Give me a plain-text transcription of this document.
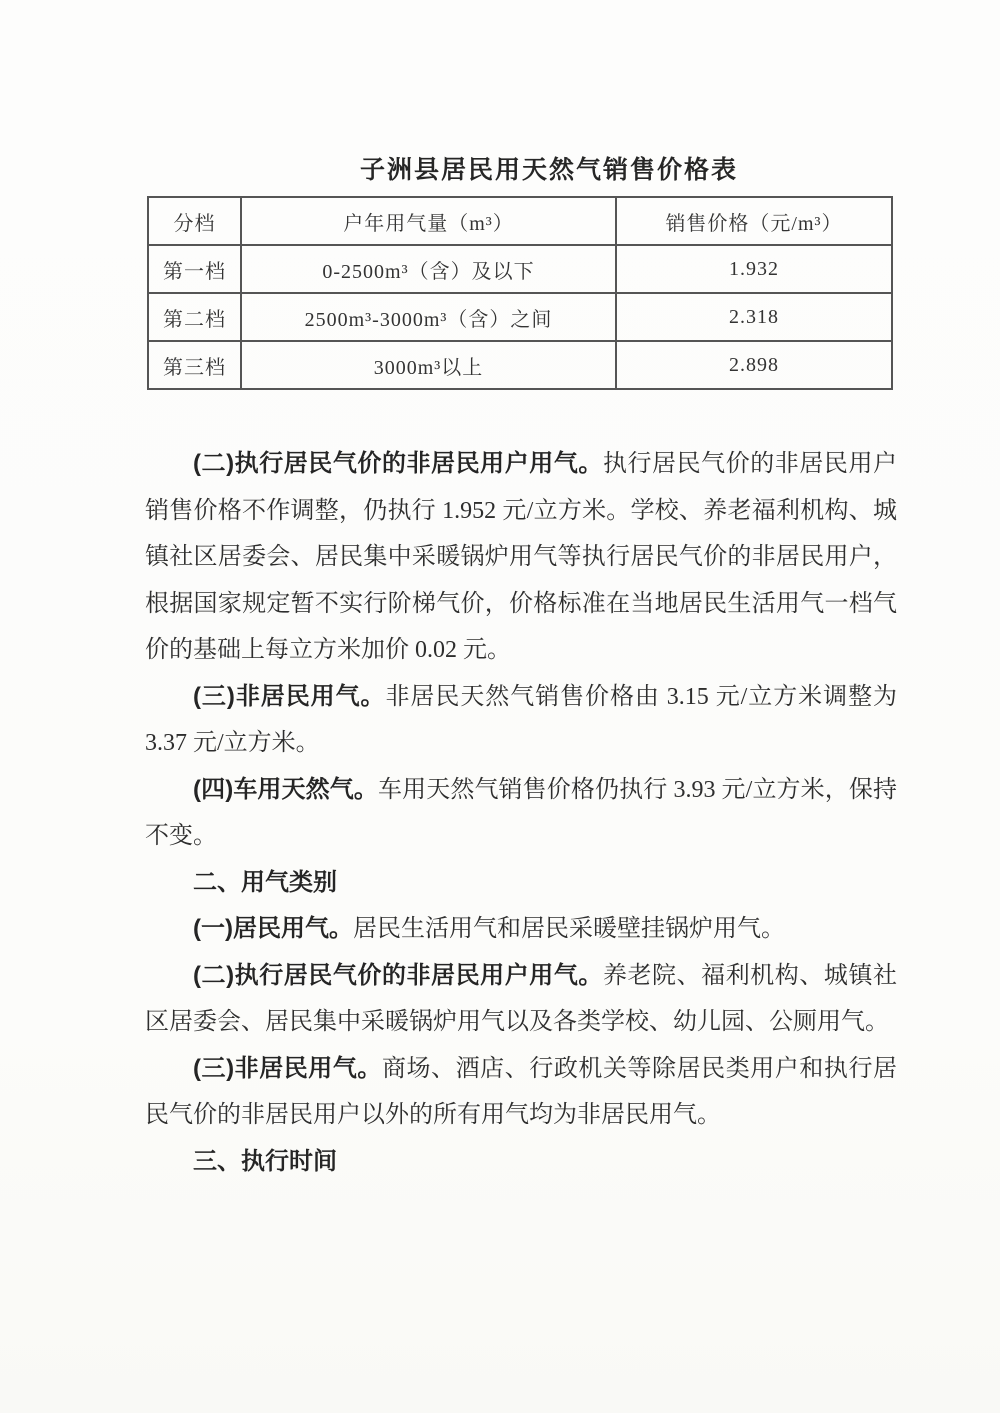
子洲县居民用天然气销售价格表
分档	户年用气量（m³）	销售价格（元/m³）
第一档	0-2500m³（含）及以下	1.932
第二档	2500m³-3000m³（含）之间	2.318
第三档	3000m³以上	2.898

(二)执行居民气价的非居民用户用气。执行居民气价的非居民用户销售价格不作调整，仍执行 1.952 元/立方米。学校、养老福利机构、城镇社区居委会、居民集中采暖锅炉用气等执行居民气价的非居民用户，根据国家规定暂不实行阶梯气价，价格标准在当地居民生活用气一档气价的基础上每立方米加价 0.02 元。

(三)非居民用气。非居民天然气销售价格由 3.15 元/立方米调整为 3.37 元/立方米。

(四)车用天然气。车用天然气销售价格仍执行 3.93 元/立方米，保持不变。

二、用气类别

(一)居民用气。居民生活用气和居民采暖壁挂锅炉用气。

(二)执行居民气价的非居民用户用气。养老院、福利机构、城镇社区居委会、居民集中采暖锅炉用气以及各类学校、幼儿园、公厕用气。

(三)非居民用气。商场、酒店、行政机关等除居民类用户和执行居民气价的非居民用户以外的所有用气均为非居民用气。

三、执行时间
